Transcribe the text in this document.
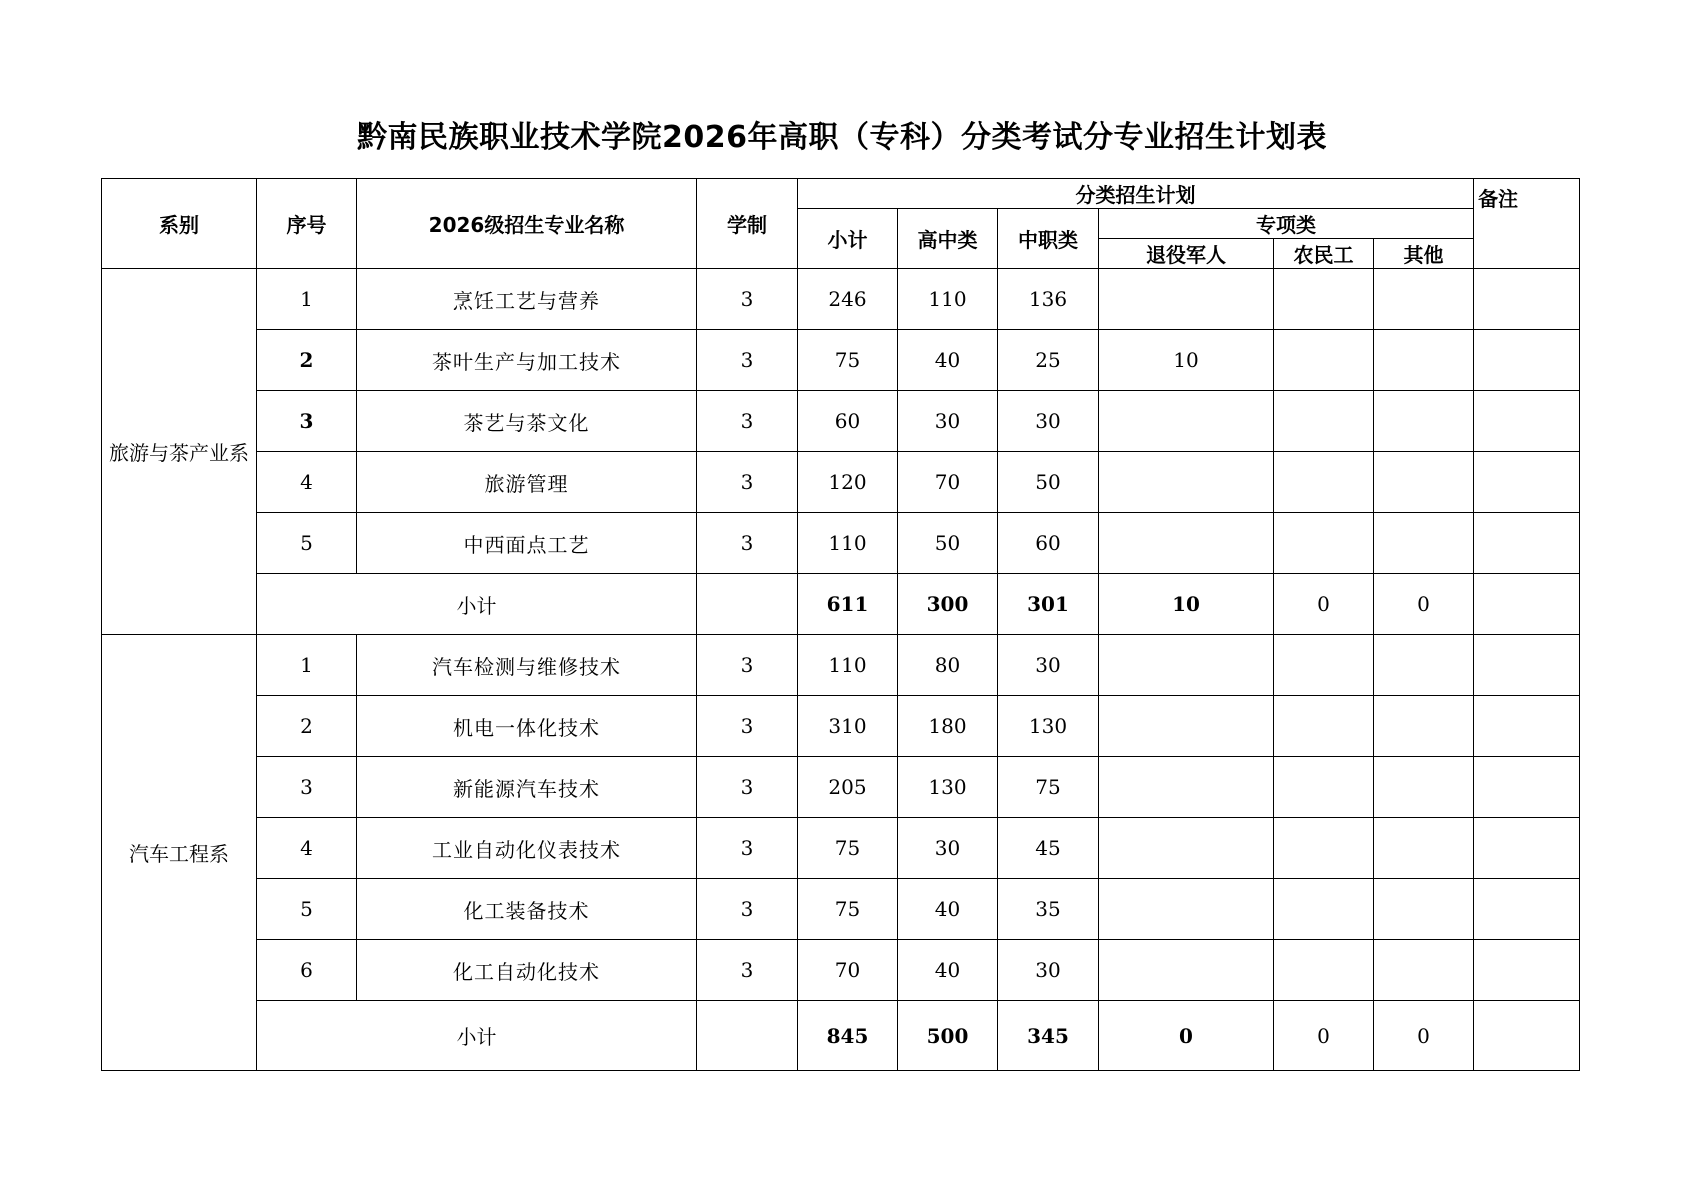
黔南民族职业技术学院2026年高职（专科）分类考试分专业招生计划表
系别	序号	2026级招生专业名称	学制	分类招生计划						备注
				小计	高中类	中职类	专项类			
							退役军人	农民工	其他	
旅游与茶产业系	1	烹饪工艺与营养	3	246	110	136				
	2	茶叶生产与加工技术	3	75	40	25	10			
	3	茶艺与茶文化	3	60	30	30				
	4	旅游管理	3	120	70	50				
	5	中西面点工艺	3	110	50	60				
	小计			611	300	301	10	0	0	
汽车工程系	1	汽车检测与维修技术	3	110	80	30				
	2	机电一体化技术	3	310	180	130				
	3	新能源汽车技术	3	205	130	75				
	4	工业自动化仪表技术	3	75	30	45				
	5	化工装备技术	3	75	40	35				
	6	化工自动化技术	3	70	40	30				
	小计			845	500	345	0	0	0	
